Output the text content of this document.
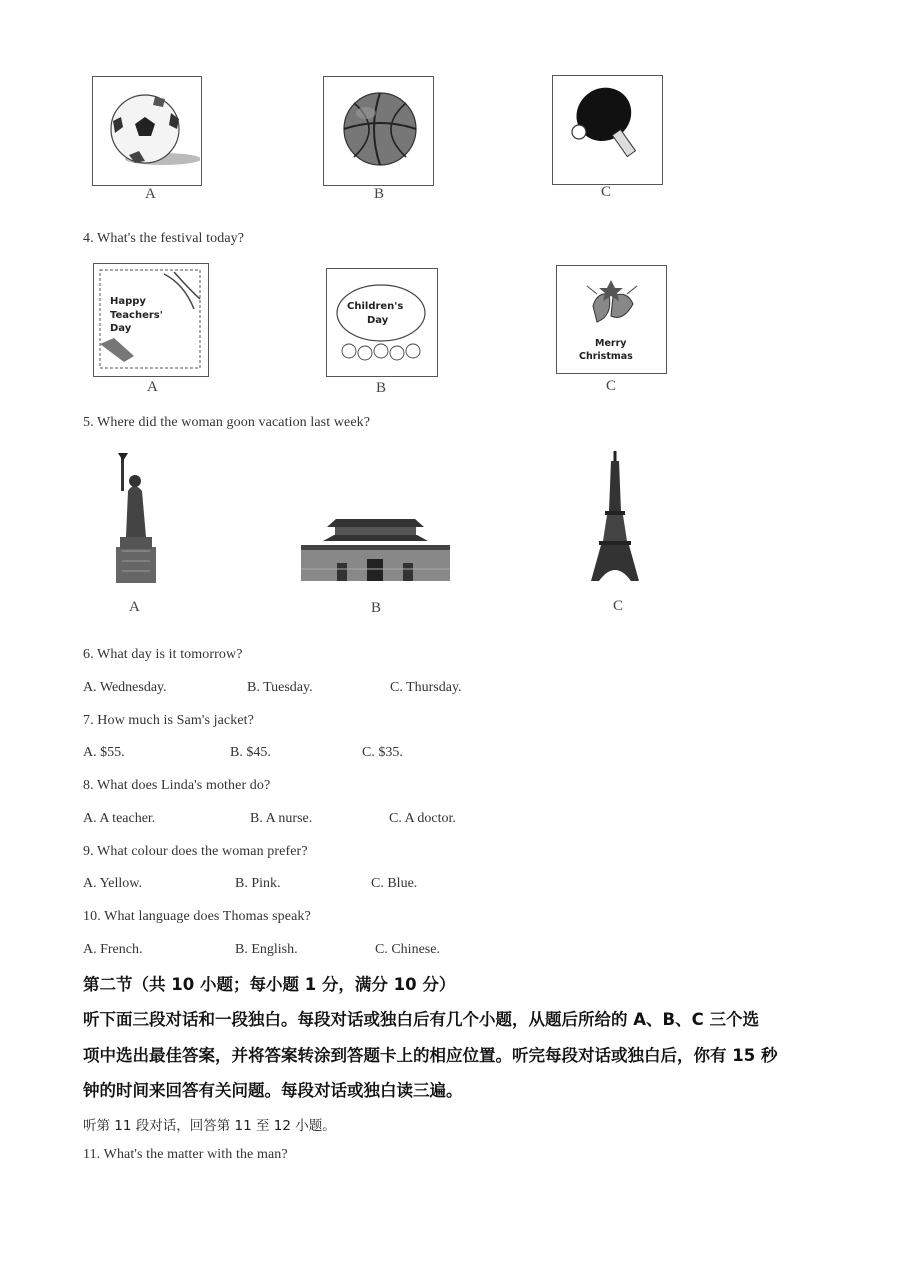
A	B	C
4. What's the festival today?
Happy
Teachers'
Day
Children's
Day
Merry
Christmas
A	B	C
5. Where did the woman goon vacation last week?
A	B	C
6. What day is it tomorrow?
A. Wednesday.	B. Tuesday.	C. Thursday.
7. How much is Sam's jacket?
A. $55.	B. $45.	C. $35.
8. What does Linda's mother do?
A. A teacher.	B. A nurse.	C. A doctor.
9. What colour does the woman prefer?
A. Yellow.	B. Pink.	C. Blue.
10. What language does Thomas speak?
A. French.	B. English.	C. Chinese.
第二节（共 10 小题；每小题 1 分，满分 10 分）
听下面三段对话和一段独白。每段对话或独白后有几个小题，从题后所给的 A、B、C 三个选
项中选出最佳答案，并将答案转涂到答题卡上的相应位置。听完每段对话或独白后，你有 15 秒
钟的时间来回答有关问题。每段对话或独白读三遍。
听第 11 段对话，回答第 11 至 12 小题。
11. What's the matter with the man?
